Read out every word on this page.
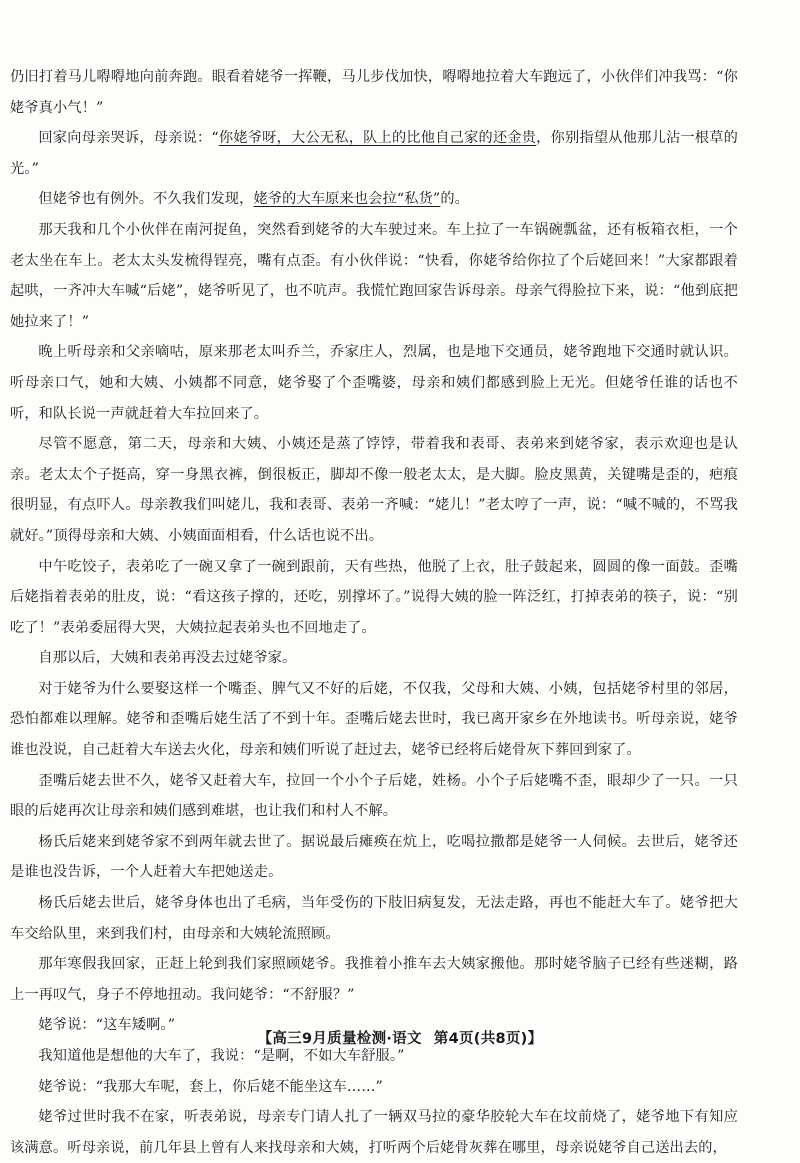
仍旧打着马儿嘚嘚地向前奔跑。眼看着姥爷一挥鞭，马儿步伐加快，嘚嘚地拉着大车跑远了，小伙伴们冲我骂：“你姥爷真小气！”

回家向母亲哭诉，母亲说：“你姥爷呀，大公无私，队上的比他自己家的还金贵，你别指望从他那儿沾一根草的光。”

但姥爷也有例外。不久我们发现，姥爷的大车原来也会拉“私货”的。

那天我和几个小伙伴在南河捉鱼，突然看到姥爷的大车驶过来。车上拉了一车锅碗瓢盆，还有板箱衣柜，一个老太坐在车上。老太太头发梳得锃亮，嘴有点歪。有小伙伴说：“快看，你姥爷给你拉了个后姥回来！”大家都跟着起哄，一齐冲大车喊“后姥”，姥爷听见了，也不吭声。我慌忙跑回家告诉母亲。母亲气得脸拉下来，说：“他到底把她拉来了！”

晚上听母亲和父亲嘀咕，原来那老太叫乔兰，乔家庄人，烈属，也是地下交通员，姥爷跑地下交通时就认识。听母亲口气，她和大姨、小姨都不同意，姥爷娶了个歪嘴婆，母亲和姨们都感到脸上无光。但姥爷任谁的话也不听，和队长说一声就赶着大车拉回来了。

尽管不愿意，第二天，母亲和大姨、小姨还是蒸了饽饽，带着我和表哥、表弟来到姥爷家，表示欢迎也是认亲。老太太个子挺高，穿一身黑衣裤，倒很板正，脚却不像一般老太太，是大脚。脸皮黑黄，关键嘴是歪的，疤痕很明显，有点吓人。母亲教我们叫姥儿，我和表哥、表弟一齐喊：“姥儿！”老太哼了一声，说：“喊不喊的，不骂我就好。”顶得母亲和大姨、小姨面面相看，什么话也说不出。

中午吃饺子，表弟吃了一碗又拿了一碗到跟前，天有些热，他脱了上衣，肚子鼓起来，圆圆的像一面鼓。歪嘴后姥指着表弟的肚皮，说：“看这孩子撑的，还吃，别撑坏了。”说得大姨的脸一阵泛红，打掉表弟的筷子，说：“别吃了！”表弟委屈得大哭，大姨拉起表弟头也不回地走了。

自那以后，大姨和表弟再没去过姥爷家。

对于姥爷为什么要娶这样一个嘴歪、脾气又不好的后姥，不仅我，父母和大姨、小姨，包括姥爷村里的邻居，恐怕都难以理解。姥爷和歪嘴后姥生活了不到十年。歪嘴后姥去世时，我已离开家乡在外地读书。听母亲说，姥爷谁也没说，自己赶着大车送去火化，母亲和姨们听说了赶过去，姥爷已经将后姥骨灰下葬回到家了。

歪嘴后姥去世不久，姥爷又赶着大车，拉回一个小个子后姥，姓杨。小个子后姥嘴不歪，眼却少了一只。一只眼的后姥再次让母亲和姨们感到难堪，也让我们和村人不解。

杨氏后姥来到姥爷家不到两年就去世了。据说最后瘫痪在炕上，吃喝拉撒都是姥爷一人伺候。去世后，姥爷还是谁也没告诉，一个人赶着大车把她送走。

杨氏后姥去世后，姥爷身体也出了毛病，当年受伤的下肢旧病复发，无法走路，再也不能赶大车了。姥爷把大车交给队里，来到我们村，由母亲和大姨轮流照顾。

那年寒假我回家，正赶上轮到我们家照顾姥爷。我推着小推车去大姨家搬他。那时姥爷脑子已经有些迷糊，路上一再叹气，身子不停地扭动。我问姥爷：“不舒服？”

姥爷说：“这车矮啊。”

我知道他是想他的大车了，我说：“是啊，不如大车舒服。”

姥爷说：“我那大车呢，套上，你后姥不能坐这车……”

姥爷过世时我不在家，听表弟说，母亲专门请人扎了一辆双马拉的豪华胶轮大车在坟前烧了，姥爷地下有知应该满意。听母亲说，前几年县上曾有人来找母亲和大姨，打听两个后姥骨灰葬在哪里，母亲说姥爷自己送出去的，

【高三9月质量检测·语文 第4页(共8页)】
